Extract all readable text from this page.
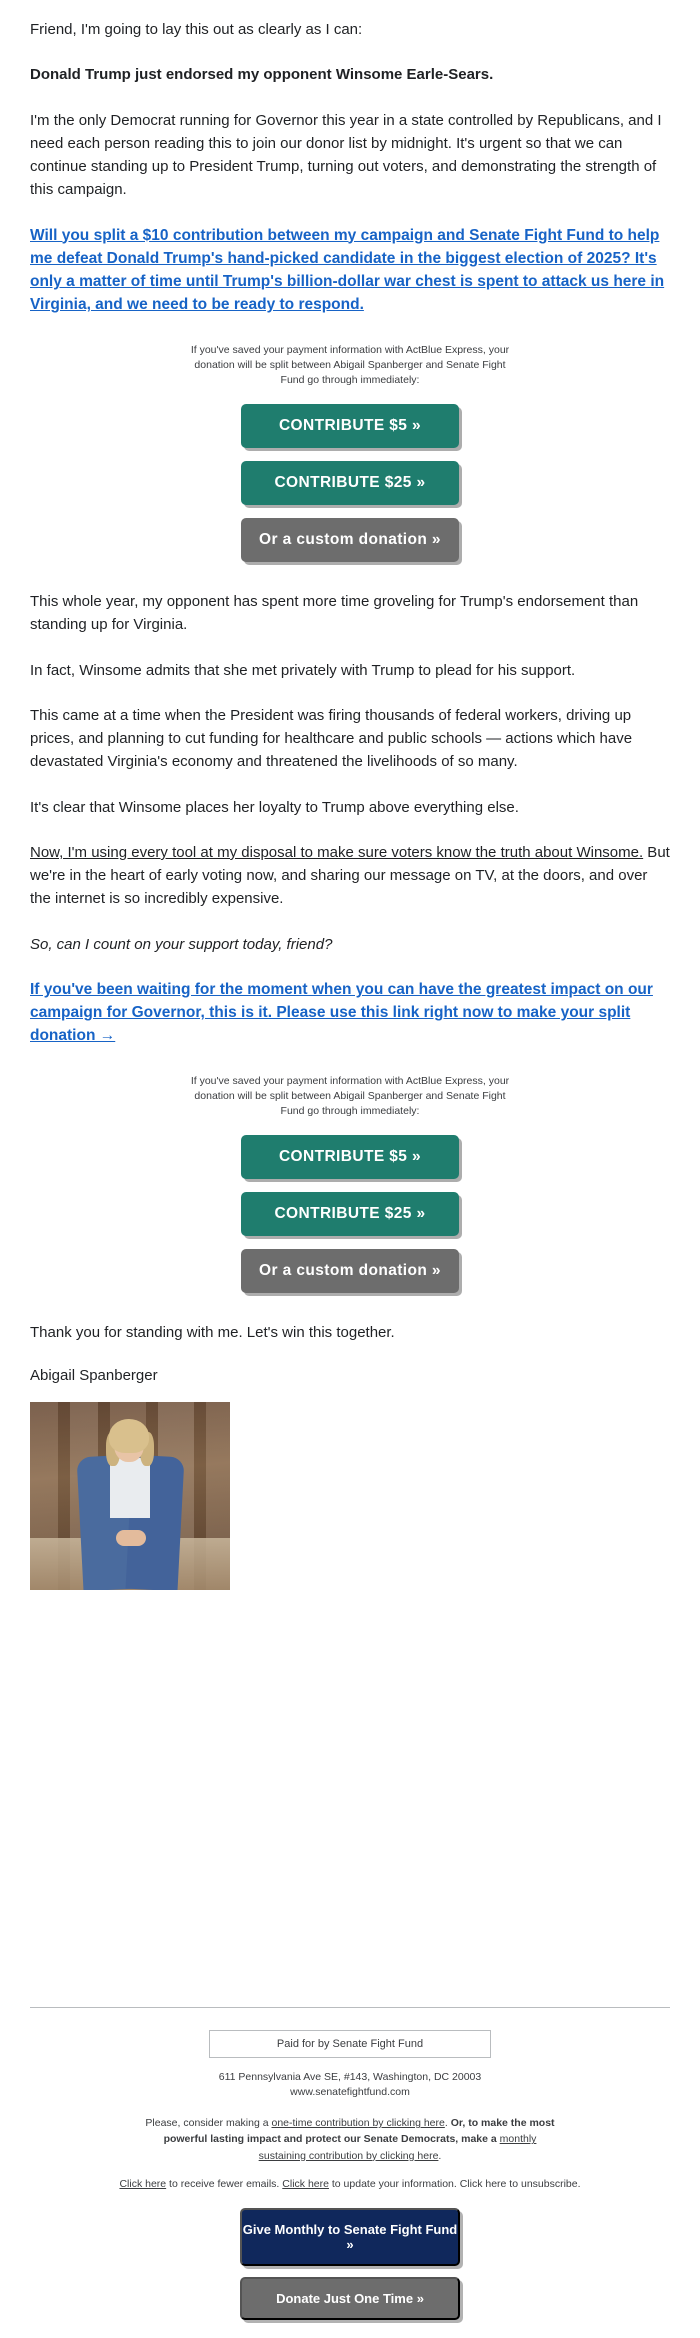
Friend, I'm going to lay this out as clearly as I can:

Donald Trump just endorsed my opponent Winsome Earle-Sears.

I'm the only Democrat running for Governor this year in a state controlled by Republicans, and I need each person reading this to join our donor list by midnight. It's urgent so that we can continue standing up to President Trump, turning out voters, and demonstrating the strength of this campaign.

Will you split a $10 contribution between my campaign and Senate Fight Fund to help me defeat Donald Trump's hand-picked candidate in the biggest election of 2025? It's only a matter of time until Trump's billion-dollar war chest is spent to attack us here in Virginia, and we need to be ready to respond.
If you've saved your payment information with ActBlue Express, your donation will be split between Abigail Spanberger and Senate Fight Fund go through immediately:
CONTRIBUTE $5 »
CONTRIBUTE $25 »
Or a custom donation »

This whole year, my opponent has spent more time groveling for Trump's endorsement than standing up for Virginia.

In fact, Winsome admits that she met privately with Trump to plead for his support.

This came at a time when the President was firing thousands of federal workers, driving up prices, and planning to cut funding for healthcare and public schools — actions which have devastated Virginia's economy and threatened the livelihoods of so many.

It's clear that Winsome places her loyalty to Trump above everything else.

Now, I'm using every tool at my disposal to make sure voters know the truth about Winsome. But we're in the heart of early voting now, and sharing our message on TV, at the doors, and over the internet is so incredibly expensive.

So, can I count on your support today, friend?

If you've been waiting for the moment when you can have the greatest impact on our campaign for Governor, this is it. Please use this link right now to make your split donation →
If you've saved your payment information with ActBlue Express, your donation will be split between Abigail Spanberger and Senate Fight Fund go through immediately:
CONTRIBUTE $5 »
CONTRIBUTE $25 »
Or a custom donation »

Thank you for standing with me. Let's win this together.

Abigail Spanberger

Paid for by Senate Fight Fund
611 Pennsylvania Ave SE, #143, Washington, DC 20003
www.senatefightfund.com
Please, consider making a one-time contribution by clicking here. Or, to make the most powerful lasting impact and protect our Senate Democrats, make a monthly sustaining contribution by clicking here.
Click here to receive fewer emails. Click here to update your information. Click here to unsubscribe.
Give Monthly to Senate Fight Fund »
Donate Just One Time »
